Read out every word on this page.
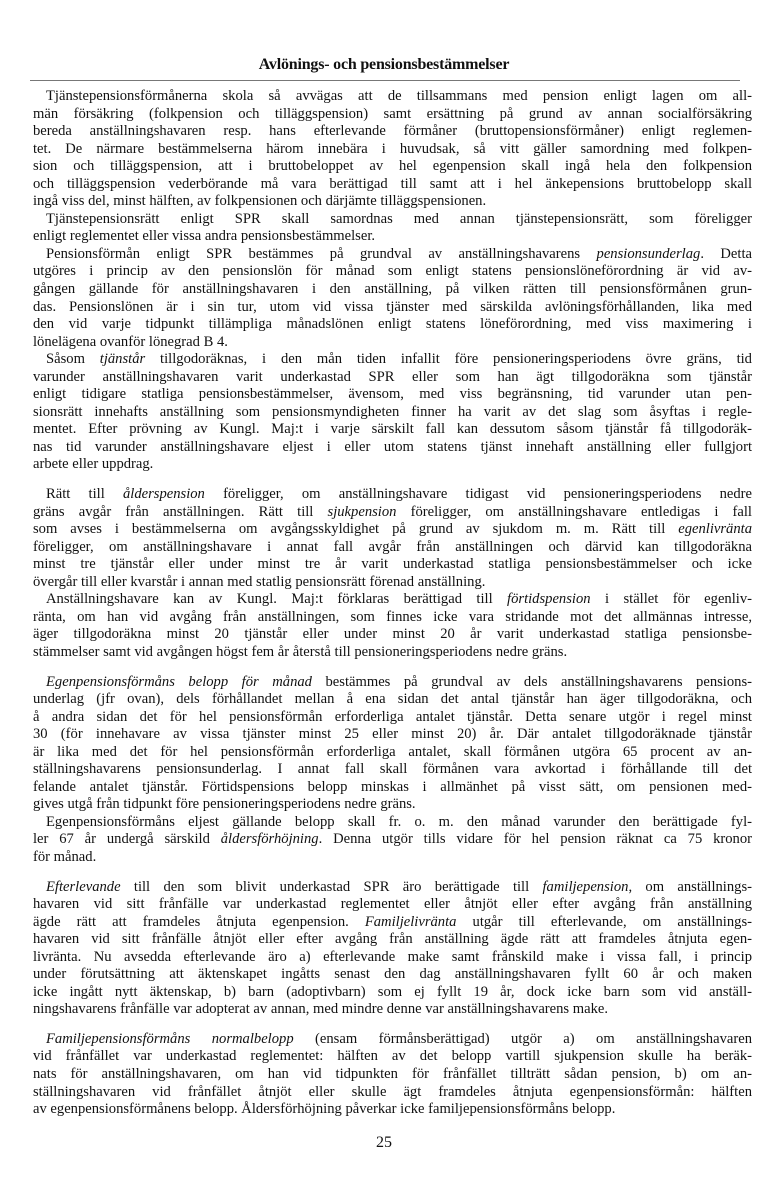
Avlönings- och pensionsbestämmelser
Tjänstepensionsförmånerna skola så avvägas att de tillsammans med pension enligt lagen om all-
män försäkring (folkpension och tilläggspension) samt ersättning på grund av annan socialförsäkring
bereda anställningshavaren resp. hans efterlevande förmåner (bruttopensionsförmåner) enligt reglemen-
tet. De närmare bestämmelserna härom innebära i huvudsak, så vitt gäller samordning med folkpen-
sion och tilläggspension, att i bruttobeloppet av hel egenpension skall ingå hela den folkpension
och tilläggspension vederbörande må vara berättigad till samt att i hel änkepensions bruttobelopp skall
ingå viss del, minst hälften, av folkpensionen och därjämte tilläggspensionen.
Tjänstepensionsrätt enligt SPR skall samordnas med annan tjänstepensionsrätt, som föreligger
enligt reglementet eller vissa andra pensionsbestämmelser.
Pensionsförmån enligt SPR bestämmes på grundval av anställningshavarens pensionsunderlag. Detta
utgöres i princip av den pensionslön för månad som enligt statens pensionslöneförordning är vid av-
gången gällande för anställningshavaren i den anställning, på vilken rätten till pensionsförmånen grun-
das. Pensionslönen är i sin tur, utom vid vissa tjänster med särskilda avlöningsförhållanden, lika med
den vid varje tidpunkt tillämpliga månadslönen enligt statens löneförordning, med viss maximering i
lönelägena ovanför lönegrad B 4.
Såsom tjänstår tillgodoräknas, i den mån tiden infallit före pensioneringsperiodens övre gräns, tid
varunder anställningshavaren varit underkastad SPR eller som han ägt tillgodoräkna som tjänstår
enligt tidigare statliga pensionsbestämmelser, ävensom, med viss begränsning, tid varunder utan pen-
sionsrätt innehafts anställning som pensionsmyndigheten finner ha varit av det slag som åsyftas i regle-
mentet. Efter prövning av Kungl. Maj:t i varje särskilt fall kan dessutom såsom tjänstår få tillgodoräk-
nas tid varunder anställningshavare eljest i eller utom statens tjänst innehaft anställning eller fullgjort
arbete eller uppdrag.
Rätt till ålderspension föreligger, om anställningshavare tidigast vid pensioneringsperiodens nedre
gräns avgår från anställningen. Rätt till sjukpension föreligger, om anställningshavare entledigas i fall
som avses i bestämmelserna om avgångsskyldighet på grund av sjukdom m. m. Rätt till egenlivränta
föreligger, om anställningshavare i annat fall avgår från anställningen och därvid kan tillgodoräkna
minst tre tjänstår eller under minst tre år varit underkastad statliga pensionsbestämmelser och icke
övergår till eller kvarstår i annan med statlig pensionsrätt förenad anställning.
Anställningshavare kan av Kungl. Maj:t förklaras berättigad till förtidspension i stället för egenliv-
ränta, om han vid avgång från anställningen, som finnes icke vara stridande mot det allmännas intresse,
äger tillgodoräkna minst 20 tjänstår eller under minst 20 år varit underkastad statliga pensionsbe-
stämmelser samt vid avgången högst fem år återstå till pensioneringsperiodens nedre gräns.
Egenpensionsförmåns belopp för månad bestämmes på grundval av dels anställningshavarens pensions-
underlag (jfr ovan), dels förhållandet mellan å ena sidan det antal tjänstår han äger tillgodoräkna, och
å andra sidan det för hel pensionsförmån erforderliga antalet tjänstår. Detta senare utgör i regel minst
30 (för innehavare av vissa tjänster minst 25 eller minst 20) år. Där antalet tillgodoräknade tjänstår
är lika med det för hel pensionsförmån erforderliga antalet, skall förmånen utgöra 65 procent av an-
ställningshavarens pensionsunderlag. I annat fall skall förmånen vara avkortad i förhållande till det
felande antalet tjänstår. Förtidspensions belopp minskas i allmänhet på visst sätt, om pensionen med-
gives utgå från tidpunkt före pensioneringsperiodens nedre gräns.
Egenpensionsförmåns eljest gällande belopp skall fr. o. m. den månad varunder den berättigade fyl-
ler 67 år undergå särskild åldersförhöjning. Denna utgör tills vidare för hel pension räknat ca 75 kronor
för månad.
Efterlevande till den som blivit underkastad SPR äro berättigade till familjepension, om anställnings-
havaren vid sitt frånfälle var underkastad reglementet eller åtnjöt eller efter avgång från anställning
ägde rätt att framdeles åtnjuta egenpension. Familjelivränta utgår till efterlevande, om anställnings-
havaren vid sitt frånfälle åtnjöt eller efter avgång från anställning ägde rätt att framdeles åtnjuta egen-
livränta. Nu avsedda efterlevande äro a) efterlevande make samt frånskild make i vissa fall, i princip
under förutsättning att äktenskapet ingåtts senast den dag anställningshavaren fyllt 60 år och maken
icke ingått nytt äktenskap, b) barn (adoptivbarn) som ej fyllt 19 år, dock icke barn som vid anställ-
ningshavarens frånfälle var adopterat av annan, med mindre denne var anställningshavarens make.
Familjepensionsförmåns normalbelopp (ensam förmånsberättigad) utgör a) om anställningshavaren
vid frånfället var underkastad reglementet: hälften av det belopp vartill sjukpension skulle ha beräk-
nats för anställningshavaren, om han vid tidpunkten för frånfället tillträtt sådan pension, b) om an-
ställningshavaren vid frånfället åtnjöt eller skulle ägt framdeles åtnjuta egenpensionsförmån: hälften
av egenpensionsförmånens belopp. Åldersförhöjning påverkar icke familjepensionsförmåns belopp.
25
